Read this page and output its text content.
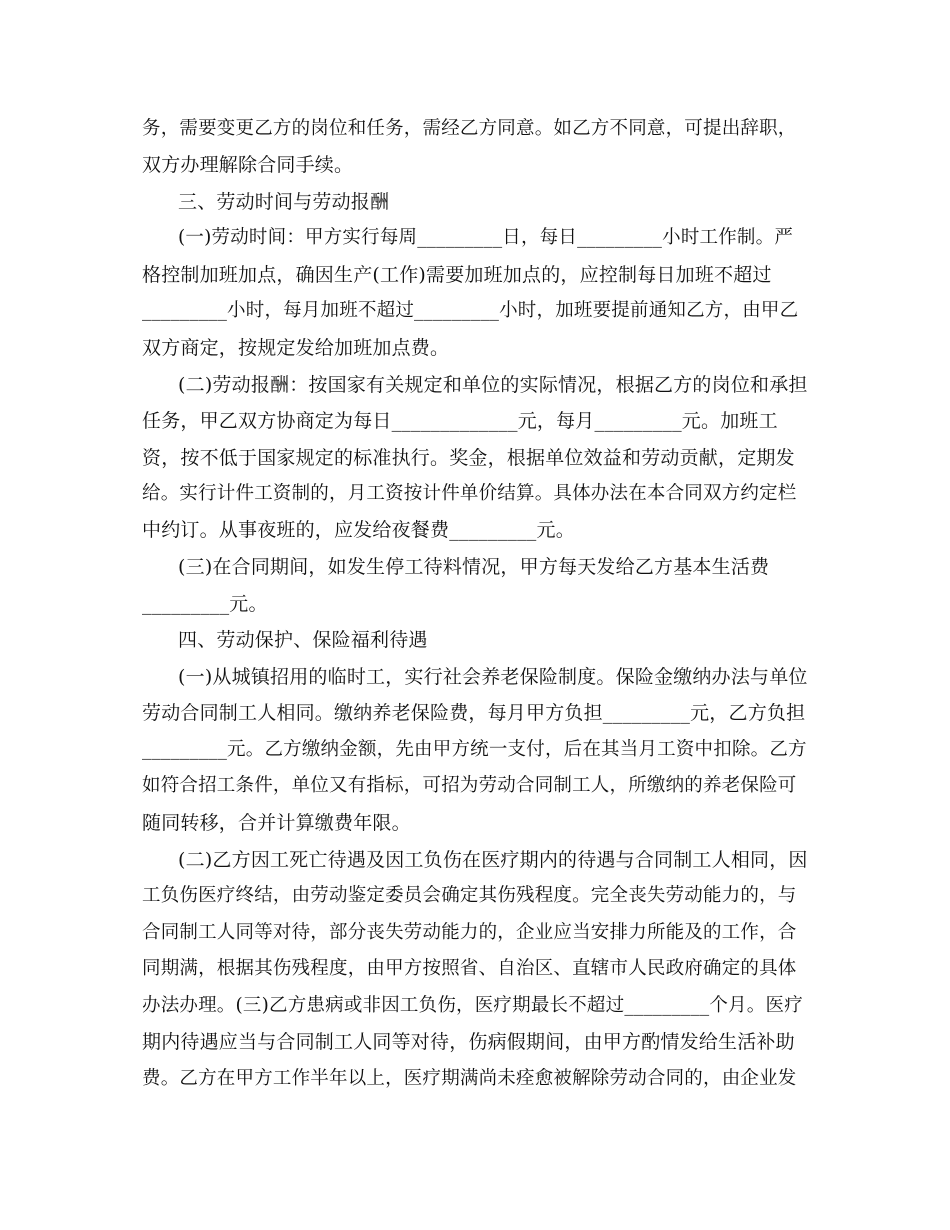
务，需要变更乙方的岗位和任务，需经乙方同意。如乙方不同意，可提出辞职，
双方办理解除合同手续。
三、劳动时间与劳动报酬
(一)劳动时间：甲方实行每周_________日，每日_________小时工作制。严
格控制加班加点，确因生产(工作)需要加班加点的，应控制每日加班不超过
_________小时，每月加班不超过_________小时，加班要提前通知乙方，由甲乙
双方商定，按规定发给加班加点费。
(二)劳动报酬：按国家有关规定和单位的实际情况，根据乙方的岗位和承担
任务，甲乙双方协商定为每日_____________元，每月_________元。加班工
资，按不低于国家规定的标准执行。奖金，根据单位效益和劳动贡献，定期发
给。实行计件工资制的，月工资按计件单价结算。具体办法在本合同双方约定栏
中约订。从事夜班的，应发给夜餐费_________元。
(三)在合同期间，如发生停工待料情况，甲方每天发给乙方基本生活费
_________元。
四、劳动保护、保险福利待遇
(一)从城镇招用的临时工，实行社会养老保险制度。保险金缴纳办法与单位
劳动合同制工人相同。缴纳养老保险费，每月甲方负担_________元，乙方负担
_________元。乙方缴纳金额，先由甲方统一支付，后在其当月工资中扣除。乙方
如符合招工条件，单位又有指标，可招为劳动合同制工人，所缴纳的养老保险可
随同转移，合并计算缴费年限。
(二)乙方因工死亡待遇及因工负伤在医疗期内的待遇与合同制工人相同，因
工负伤医疗终结，由劳动鉴定委员会确定其伤残程度。完全丧失劳动能力的，与
合同制工人同等对待，部分丧失劳动能力的，企业应当安排力所能及的工作，合
同期满，根据其伤残程度，由甲方按照省、自治区、直辖市人民政府确定的具体
办法办理。(三)乙方患病或非因工负伤，医疗期最长不超过_________个月。医疗
期内待遇应当与合同制工人同等对待，伤病假期间，由甲方酌情发给生活补助
费。乙方在甲方工作半年以上，医疗期满尚未痊愈被解除劳动合同的，由企业发
